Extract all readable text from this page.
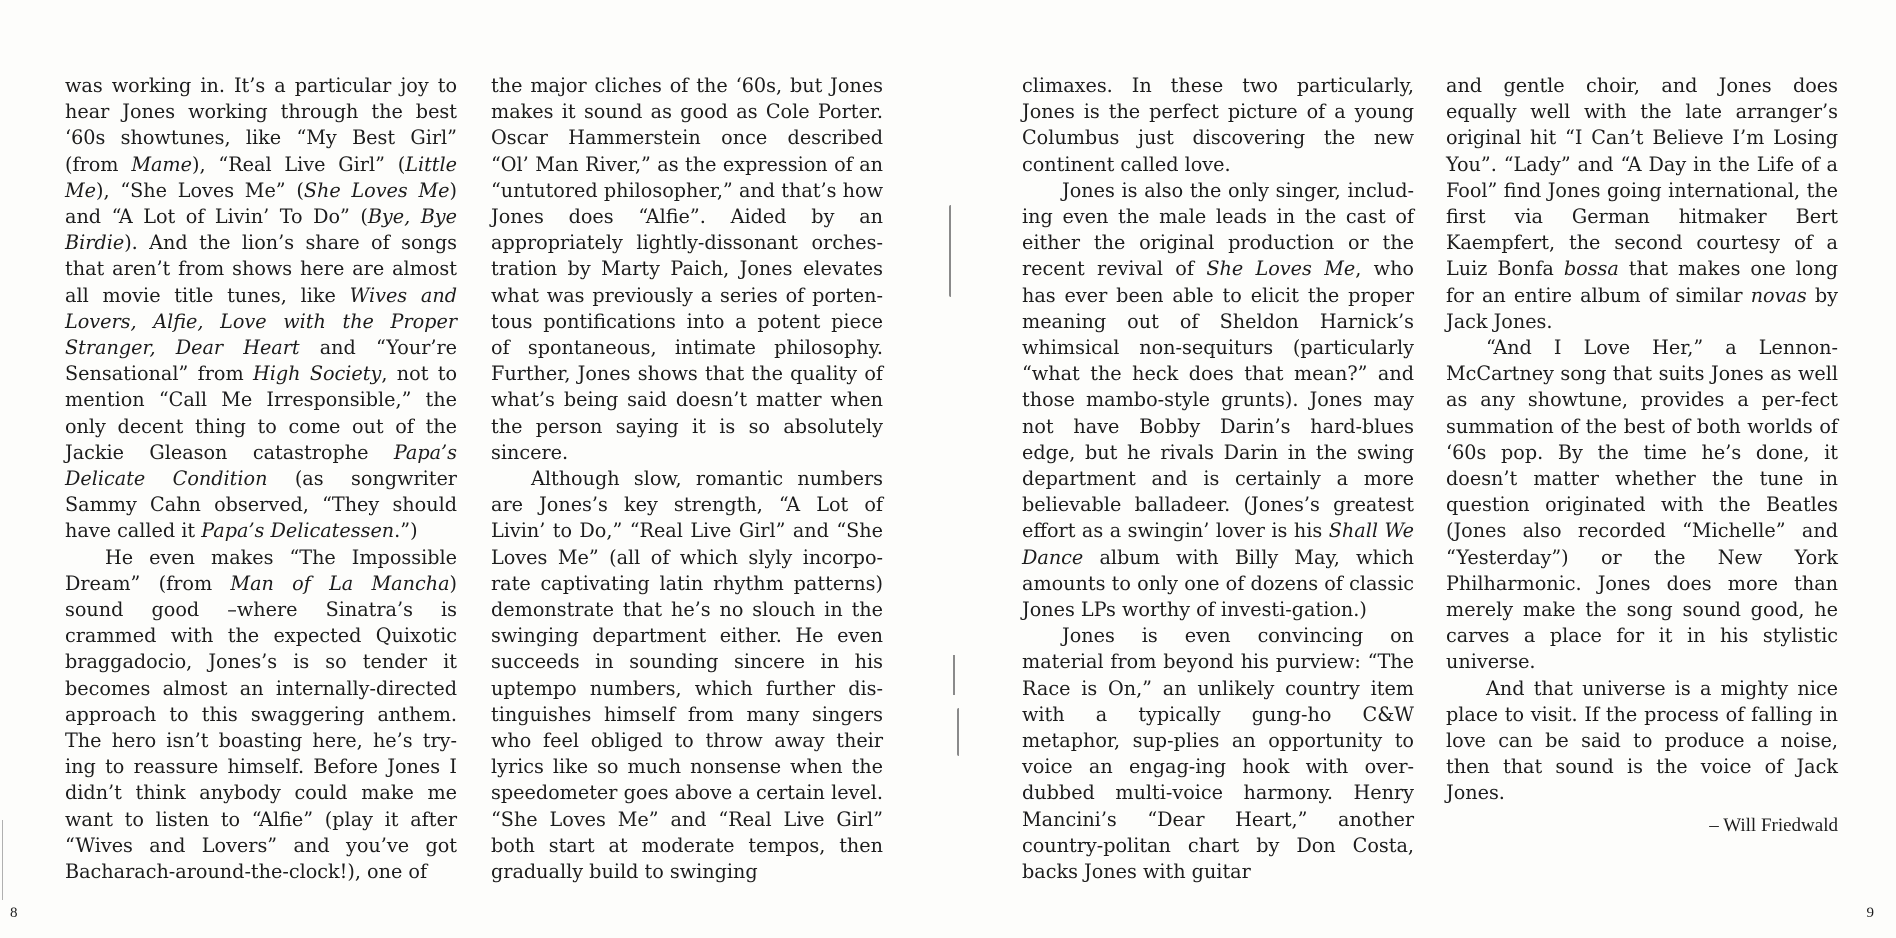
was working in. It’s a particular joy to hear Jones working through the best ‘60s showtunes, like “My Best Girl” (from Mame), “Real Live Girl” (Little Me), “She Loves Me” (She Loves Me) and “A Lot of Livin’ To Do” (Bye, Bye Birdie). And the lion’s share of songs that aren’t from shows here are almost all movie title tunes, like Wives and Lovers, Alfie, Love with the Proper Stranger, Dear Heart and “Your’re Sensational” from High Society, not to mention “Call Me Irresponsible,” the only decent thing to come out of the Jackie Gleason catastrophe Papa’s Delicate Condition (as songwriter Sammy Cahn observed, “They should have called it Papa’s Delicatessen.”)

He even makes “The Impossible Dream” (from Man of La Mancha) sound good –where Sinatra’s is crammed with the expected Quixotic braggadocio, Jones’s is so tender it becomes almost an internally-directed approach to this swaggering anthem. The hero isn’t boasting here, he’s try-ing to reassure himself. Before Jones I didn’t think anybody could make me want to listen to “Alfie” (play it after “Wives and Lovers” and you’ve got Bacharach-around-the-clock!), one of

the major cliches of the ‘60s, but Jones makes it sound as good as Cole Porter. Oscar Hammerstein once described “Ol’ Man River,” as the expression of an “untutored philosopher,” and that’s how Jones does “Alfie”. Aided by an appropriately lightly-dissonant orches-tration by Marty Paich, Jones elevates what was previously a series of porten-tous pontifications into a potent piece of spontaneous, intimate philosophy. Further, Jones shows that the quality of what’s being said doesn’t matter when the person saying it is so absolutely sincere.

Although slow, romantic numbers are Jones’s key strength, “A Lot of Livin’ to Do,” “Real Live Girl” and “She Loves Me” (all of which slyly incorpo-rate captivating latin rhythm patterns) demonstrate that he’s no slouch in the swinging department either. He even succeeds in sounding sincere in his uptempo numbers, which further dis-tinguishes himself from many singers who feel obliged to throw away their lyrics like so much nonsense when the speedometer goes above a certain level. “She Loves Me” and “Real Live Girl” both start at moderate tempos, then gradually build to swinging

climaxes. In these two particularly, Jones is the perfect picture of a young Columbus just discovering the new continent called love.

Jones is also the only singer, includ-ing even the male leads in the cast of either the original production or the recent revival of She Loves Me, who has ever been able to elicit the proper meaning out of Sheldon Harnick’s whimsical non-sequiturs (particularly “what the heck does that mean?” and those mambo-style grunts). Jones may not have Bobby Darin’s hard-blues edge, but he rivals Darin in the swing department and is certainly a more believable balladeer. (Jones’s greatest effort as a swingin’ lover is his Shall We Dance album with Billy May, which amounts to only one of dozens of classic Jones LPs worthy of investi-gation.)

Jones is even convincing on material from beyond his purview: “The Race is On,” an unlikely country item with a typically gung-ho C&W metaphor, sup-plies an opportunity to voice an engag-ing hook with over-dubbed multi-voice harmony. Henry Mancini’s “Dear Heart,” another country-politan chart by Don Costa, backs Jones with guitar

and gentle choir, and Jones does equally well with the late arranger’s original hit “I Can’t Believe I’m Losing You”. “Lady” and “A Day in the Life of a Fool” find Jones going international, the first via German hitmaker Bert Kaempfert, the second courtesy of a Luiz Bonfa bossa that makes one long for an entire album of similar novas by Jack Jones.

“And I Love Her,” a Lennon-McCartney song that suits Jones as well as any showtune, provides a per-fect summation of the best of both worlds of ‘60s pop. By the time he’s done, it doesn’t matter whether the tune in question originated with the Beatles (Jones also recorded “Michelle” and “Yesterday”) or the New York Philharmonic. Jones does more than merely make the song sound good, he carves a place for it in his stylistic universe.

And that universe is a mighty nice place to visit. If the process of falling in love can be said to produce a noise, then that sound is the voice of Jack Jones.

– Will Friedwald
8	9
